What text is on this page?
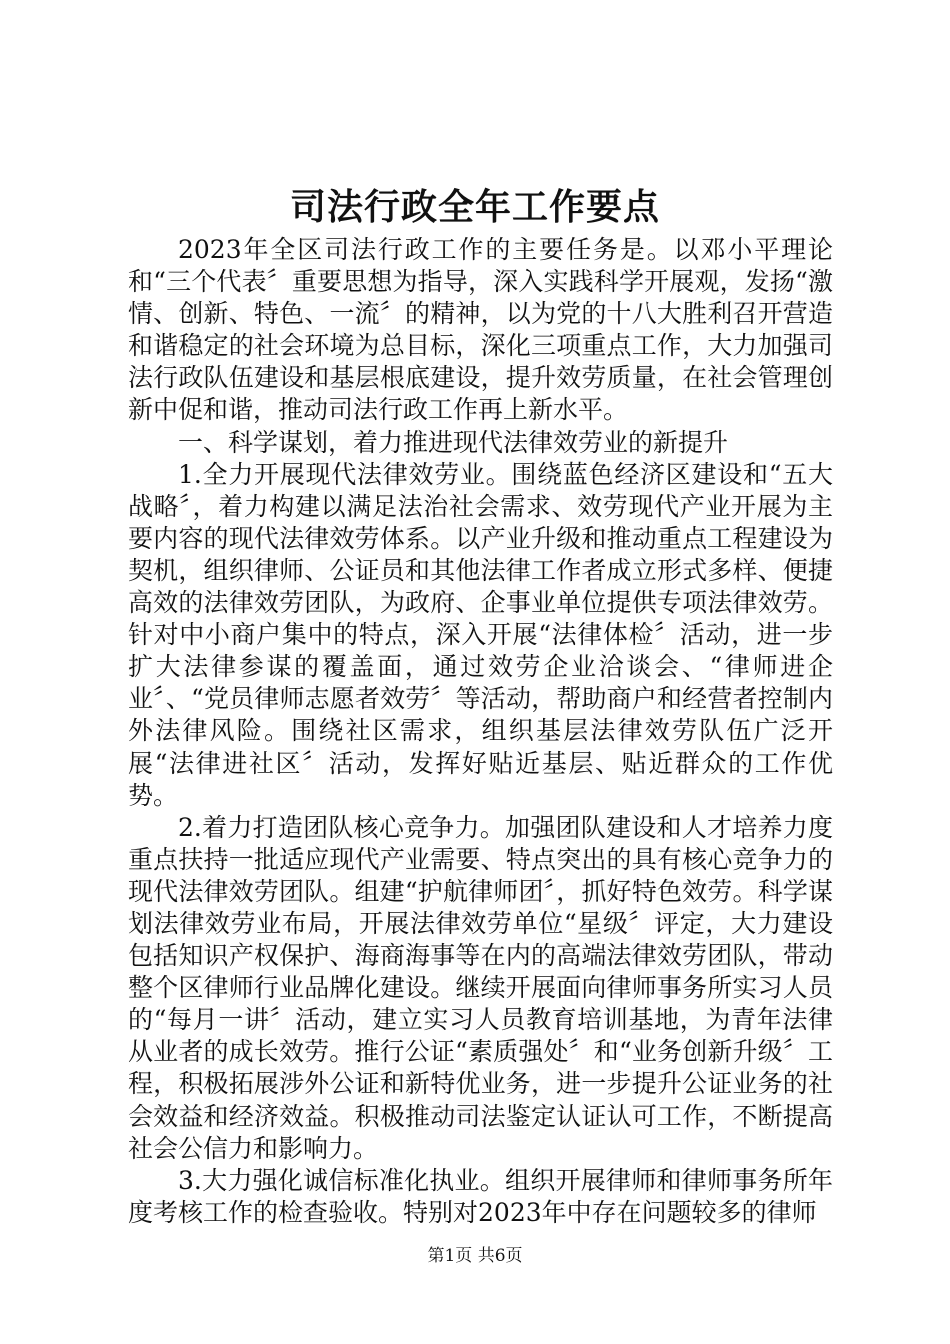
司法行政全年工作要点

2023年全区司法行政工作的主要任务是。以邓小平理论和“三个代表〞重要思想为指导，深入实践科学开展观，发扬“激情、创新、特色、一流〞的精神，以为党的十八大胜利召开营造和谐稳定的社会环境为总目标，深化三项重点工作，大力加强司法行政队伍建设和基层根底建设，提升效劳质量，在社会管理创新中促和谐，推动司法行政工作再上新水平。

一、科学谋划，着力推进现代法律效劳业的新提升

1.全力开展现代法律效劳业。围绕蓝色经济区建设和“五大战略〞，着力构建以满足法治社会需求、效劳现代产业开展为主要内容的现代法律效劳体系。以产业升级和推动重点工程建设为契机，组织律师、公证员和其他法律工作者成立形式多样、便捷高效的法律效劳团队，为政府、企事业单位提供专项法律效劳。针对中小商户集中的特点，深入开展“法律体检〞活动，进一步扩大法律参谋的覆盖面，通过效劳企业洽谈会、“律师进企业〞、“党员律师志愿者效劳〞等活动，帮助商户和经营者控制内外法律风险。围绕社区需求，组织基层法律效劳队伍广泛开展“法律进社区〞活动，发挥好贴近基层、贴近群众的工作优势。

2.着力打造团队核心竞争力。加强团队建设和人才培养力度重点扶持一批适应现代产业需要、特点突出的具有核心竞争力的现代法律效劳团队。组建“护航律师团〞，抓好特色效劳。科学谋划法律效劳业布局，开展法律效劳单位“星级〞评定，大力建设包括知识产权保护、海商海事等在内的高端法律效劳团队，带动整个区律师行业品牌化建设。继续开展面向律师事务所实习人员的“每月一讲〞活动，建立实习人员教育培训基地，为青年法律从业者的成长效劳。推行公证“素质强处〞和“业务创新升级〞工程，积极拓展涉外公证和新特优业务，进一步提升公证业务的社会效益和经济效益。积极推动司法鉴定认证认可工作，不断提高社会公信力和影响力。

3.大力强化诚信标准化执业。组织开展律师和律师事务所年度考核工作的检查验收。特别对2023年中存在问题较多的律师

第1页 共6页
